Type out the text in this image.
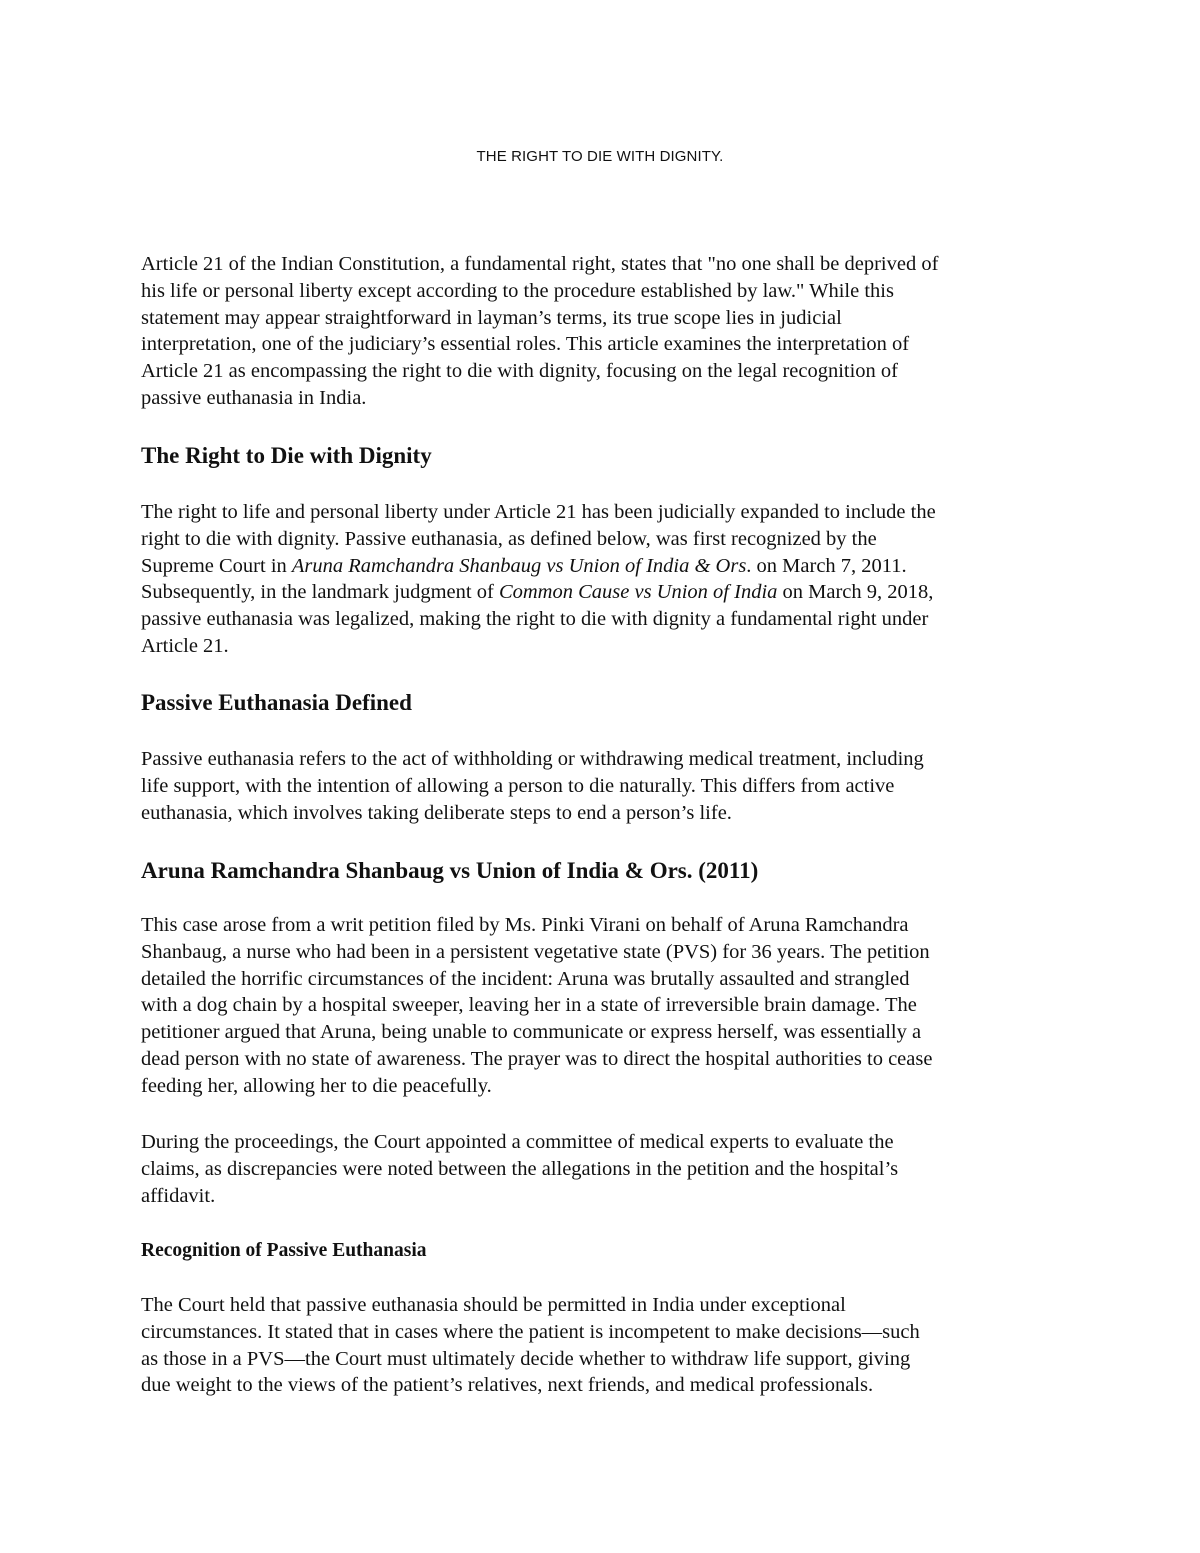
THE RIGHT TO DIE WITH DIGNITY.
Article 21 of the Indian Constitution, a fundamental right, states that "no one shall be deprived of
his life or personal liberty except according to the procedure established by law." While this
statement may appear straightforward in layman’s terms, its true scope lies in judicial
interpretation, one of the judiciary’s essential roles. This article examines the interpretation of
Article 21 as encompassing the right to die with dignity, focusing on the legal recognition of
passive euthanasia in India.
The Right to Die with Dignity
The right to life and personal liberty under Article 21 has been judicially expanded to include the
right to die with dignity. Passive euthanasia, as defined below, was first recognized by the
Supreme Court in Aruna Ramchandra Shanbaug vs Union of India & Ors. on March 7, 2011.
Subsequently, in the landmark judgment of Common Cause vs Union of India on March 9, 2018,
passive euthanasia was legalized, making the right to die with dignity a fundamental right under
Article 21.
Passive Euthanasia Defined
Passive euthanasia refers to the act of withholding or withdrawing medical treatment, including
life support, with the intention of allowing a person to die naturally. This differs from active
euthanasia, which involves taking deliberate steps to end a person’s life.
Aruna Ramchandra Shanbaug vs Union of India & Ors. (2011)
This case arose from a writ petition filed by Ms. Pinki Virani on behalf of Aruna Ramchandra
Shanbaug, a nurse who had been in a persistent vegetative state (PVS) for 36 years. The petition
detailed the horrific circumstances of the incident: Aruna was brutally assaulted and strangled
with a dog chain by a hospital sweeper, leaving her in a state of irreversible brain damage. The
petitioner argued that Aruna, being unable to communicate or express herself, was essentially a
dead person with no state of awareness. The prayer was to direct the hospital authorities to cease
feeding her, allowing her to die peacefully.
During the proceedings, the Court appointed a committee of medical experts to evaluate the
claims, as discrepancies were noted between the allegations in the petition and the hospital’s
affidavit.
Recognition of Passive Euthanasia
The Court held that passive euthanasia should be permitted in India under exceptional
circumstances. It stated that in cases where the patient is incompetent to make decisions—such
as those in a PVS—the Court must ultimately decide whether to withdraw life support, giving
due weight to the views of the patient’s relatives, next friends, and medical professionals.
